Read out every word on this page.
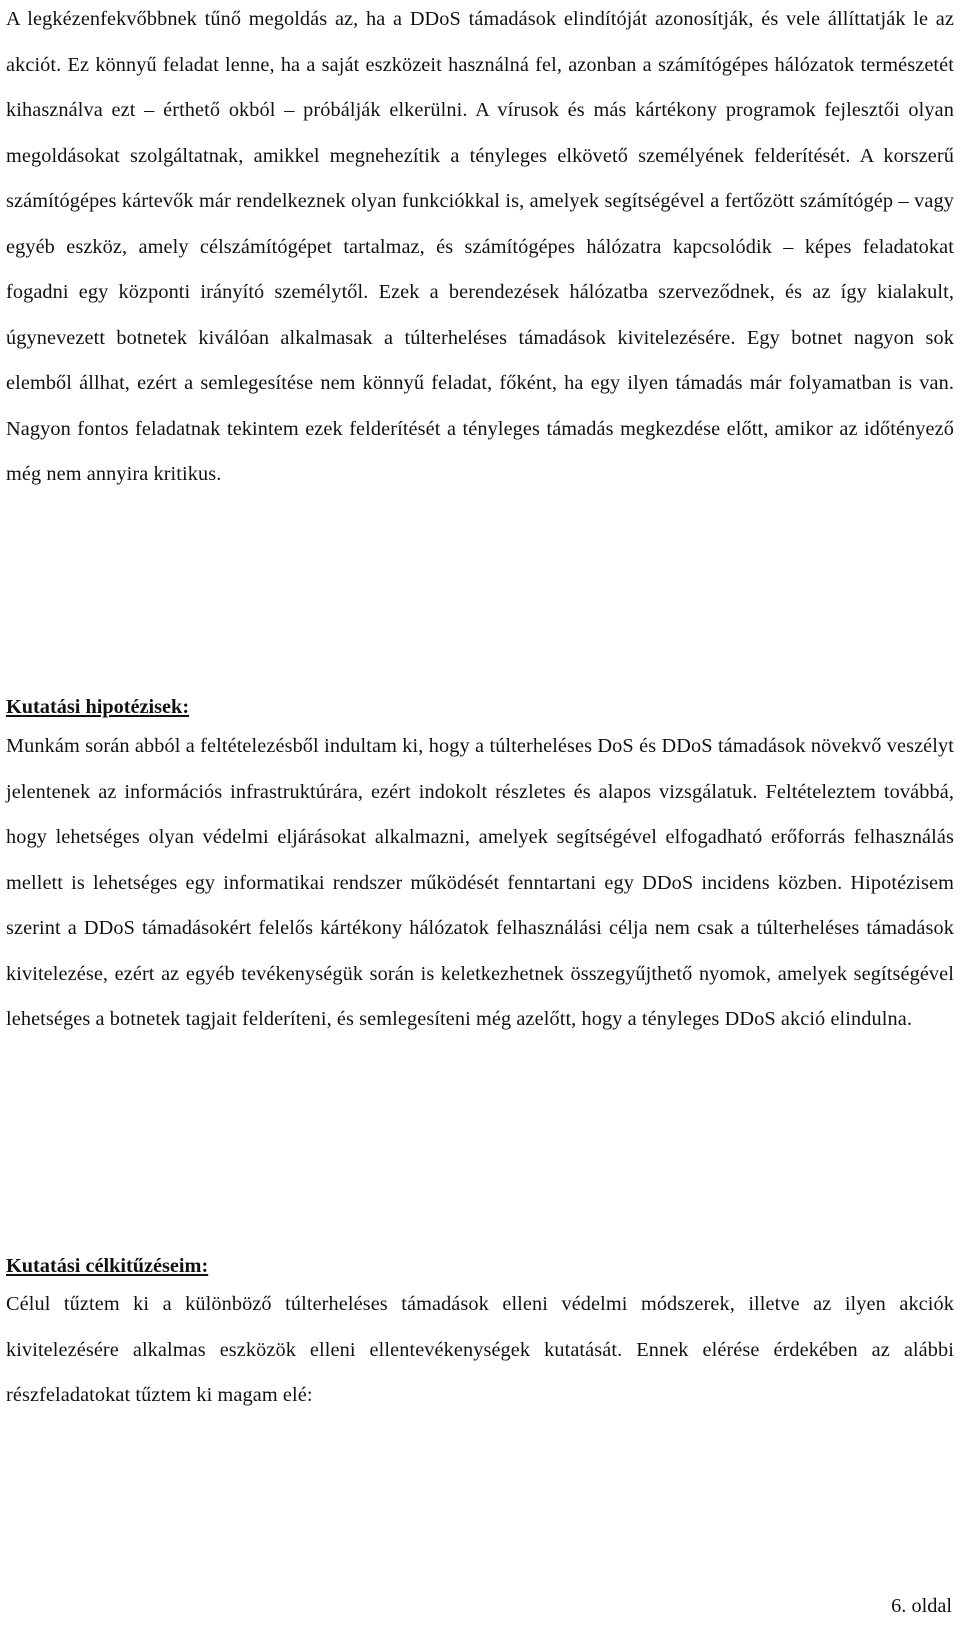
A legkézenfekvőbbnek tűnő megoldás az, ha a DDoS támadások elindítóját azonosítják, és vele állíttatják le az akciót. Ez könnyű feladat lenne, ha a saját eszközeit használná fel, azonban a számítógépes hálózatok természetét kihasználva ezt – érthető okból – próbálják elkerülni. A vírusok és más kártékony programok fejlesztői olyan megoldásokat szolgáltatnak, amikkel megnehezítik a tényleges elkövető személyének felderítését. A korszerű számítógépes kártevők már rendelkeznek olyan funkciókkal is, amelyek segítségével a fertőzött számítógép – vagy egyéb eszköz, amely célszámítógépet tartalmaz, és számítógépes hálózatra kapcsolódik – képes feladatokat fogadni egy központi irányító személytől. Ezek a berendezések hálózatba szerveződnek, és az így kialakult, úgynevezett botnetek kiválóan alkalmasak a túlterheléses támadások kivitelezésére. Egy botnet nagyon sok elemből állhat, ezért a semlegesítése nem könnyű feladat, főként, ha egy ilyen támadás már folyamatban is van. Nagyon fontos feladatnak tekintem ezek felderítését a tényleges támadás megkezdése előtt, amikor az időtényező még nem annyira kritikus.

Kutatási hipotézisek:

Munkám során abból a feltételezésből indultam ki, hogy a túlterheléses DoS és DDoS támadások növekvő veszélyt jelentenek az információs infrastruktúrára, ezért indokolt részletes és alapos vizsgálatuk. Feltételeztem továbbá, hogy lehetséges olyan védelmi eljárásokat alkalmazni, amelyek segítségével elfogadható erőforrás felhasználás mellett is lehetséges egy informatikai rendszer működését fenntartani egy DDoS incidens közben. Hipotézisem szerint a DDoS támadásokért felelős kártékony hálózatok felhasználási célja nem csak a túlterheléses támadások kivitelezése, ezért az egyéb tevékenységük során is keletkezhetnek összegyűjthető nyomok, amelyek segítségével lehetséges a botnetek tagjait felderíteni, és semlegesíteni még azelőtt, hogy a tényleges DDoS akció elindulna.

Kutatási célkitűzéseim:

Célul tűztem ki a különböző túlterheléses támadások elleni védelmi módszerek, illetve az ilyen akciók kivitelezésére alkalmas eszközök elleni ellentevékenységek kutatását. Ennek elérése érdekében az alábbi részfeladatokat tűztem ki magam elé:

6. oldal
